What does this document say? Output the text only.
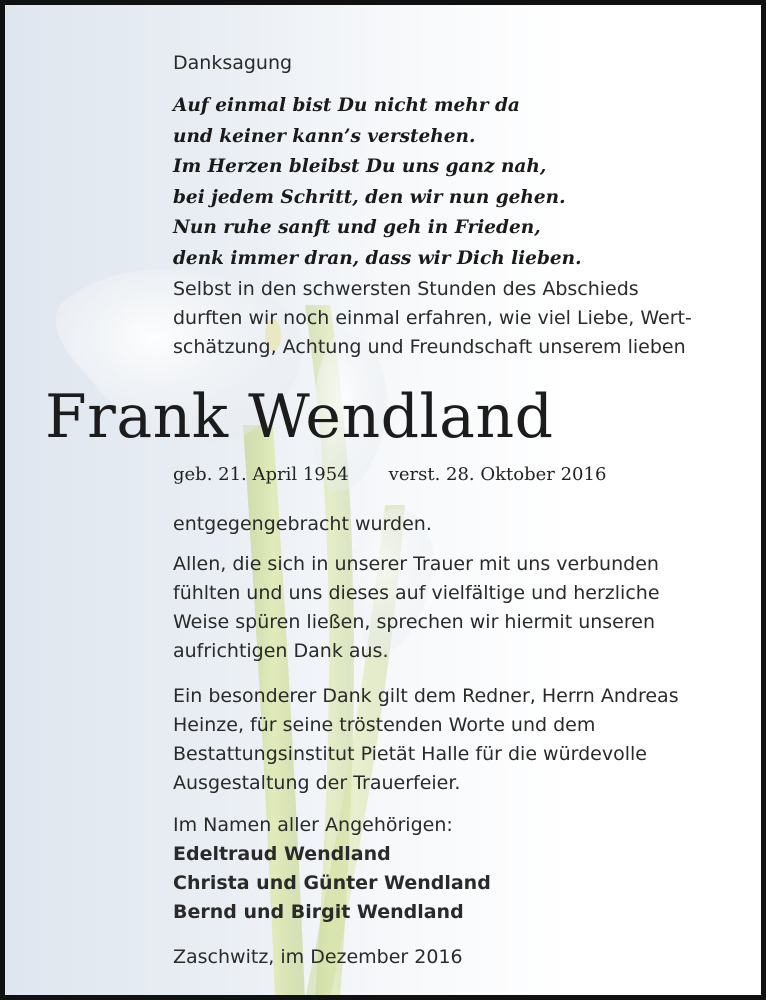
Danksagung
Auf einmal bist Du nicht mehr da
und keiner kann’s verstehen.
Im Herzen bleibst Du uns ganz nah,
bei jedem Schritt, den wir nun gehen.
Nun ruhe sanft und geh in Frieden,
denk immer dran, dass wir Dich lieben.
Selbst in den schwersten Stunden des Abschieds
durften wir noch einmal erfahren, wie viel Liebe, Wert-
schätzung, Achtung und Freundschaft unserem lieben
Frank Wendland
geb. 21. April 1954 verst. 28. Oktober 2016
entgegengebracht wurden.
Allen, die sich in unserer Trauer mit uns verbunden
fühlten und uns dieses auf vielfältige und herzliche
Weise spüren ließen, sprechen wir hiermit unseren
aufrichtigen Dank aus.
Ein besonderer Dank gilt dem Redner, Herrn Andreas
Heinze, für seine tröstenden Worte und dem
Bestattungsinstitut Pietät Halle für die würdevolle
Ausgestaltung der Trauerfeier.
Im Namen aller Angehörigen:
Edeltraud Wendland
Christa und Günter Wendland
Bernd und Birgit Wendland
Zaschwitz, im Dezember 2016
